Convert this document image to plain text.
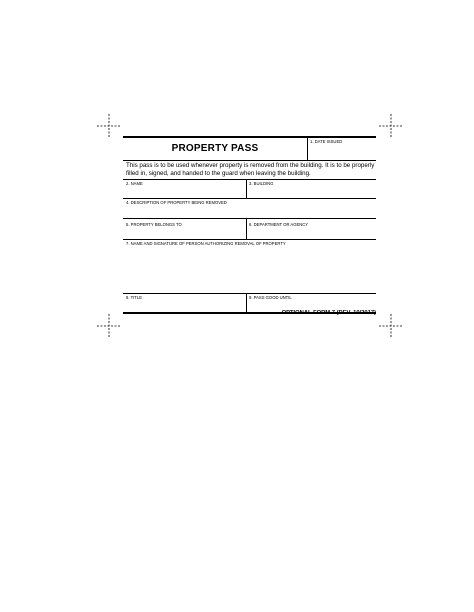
PROPERTY PASS
1. DATE ISSUED
This pass is to be used whenever property is removed from the building. It is to be properly filled in, signed, and handed to the guard when leaving the building.
2. NAME	3. BUILDING
4. DESCRIPTION OF PROPERTY BEING REMOVED
5. PROPERTY BELONGS TO	6. DEPARTMENT OR AGENCY
7. NAME AND SIGNATURE OF PERSON AUTHORIZING REMOVAL OF PROPERTY
8. TITLE	9. PASS GOOD UNTIL
OPTIONAL FORM 7 (REV. 10/2017)
